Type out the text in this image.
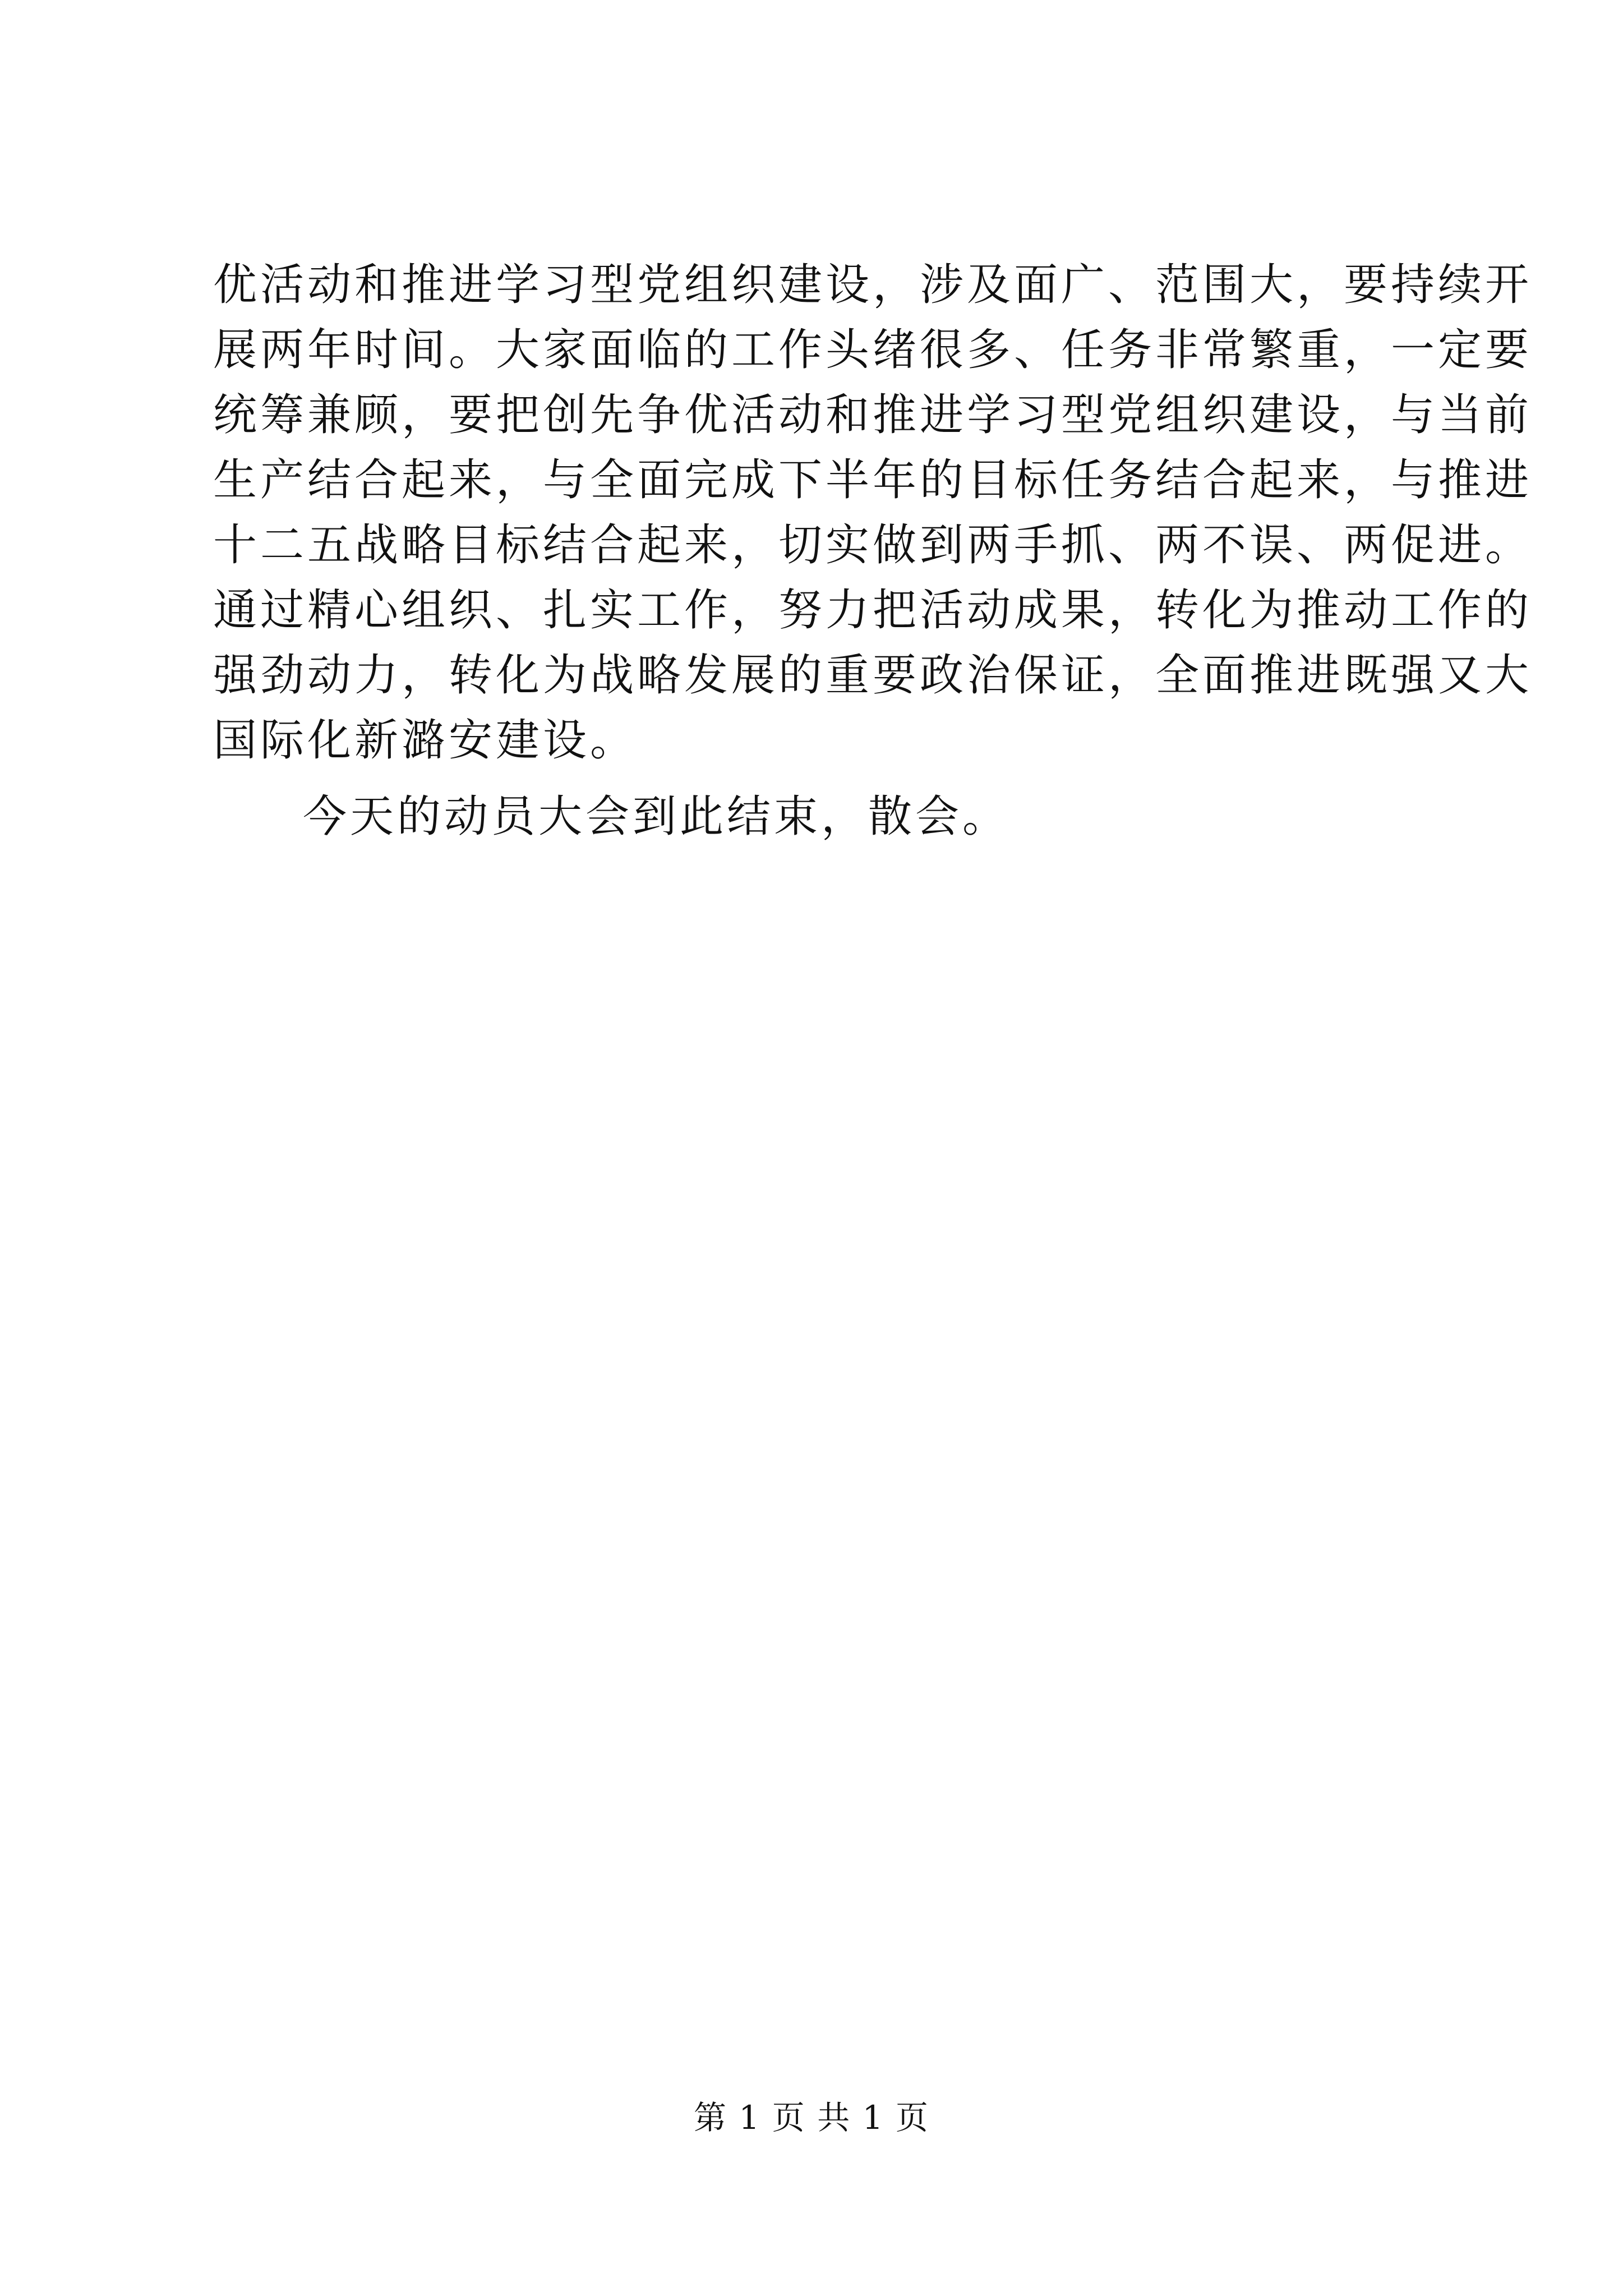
优活动和推进学习型党组织建设，涉及面广、范围大，要持续开
展两年时间。大家面临的工作头绪很多、任务非常繁重，一定要
统筹兼顾，要把创先争优活动和推进学习型党组织建设，与当前
生产结合起来，与全面完成下半年的目标任务结合起来，与推进
十二五战略目标结合起来，切实做到两手抓、两不误、两促进。
通过精心组织、扎实工作，努力把活动成果，转化为推动工作的
强劲动力，转化为战略发展的重要政治保证，全面推进既强又大
国际化新潞安建设。
今天的动员大会到此结束，散会。
第 1 页 共 1 页
